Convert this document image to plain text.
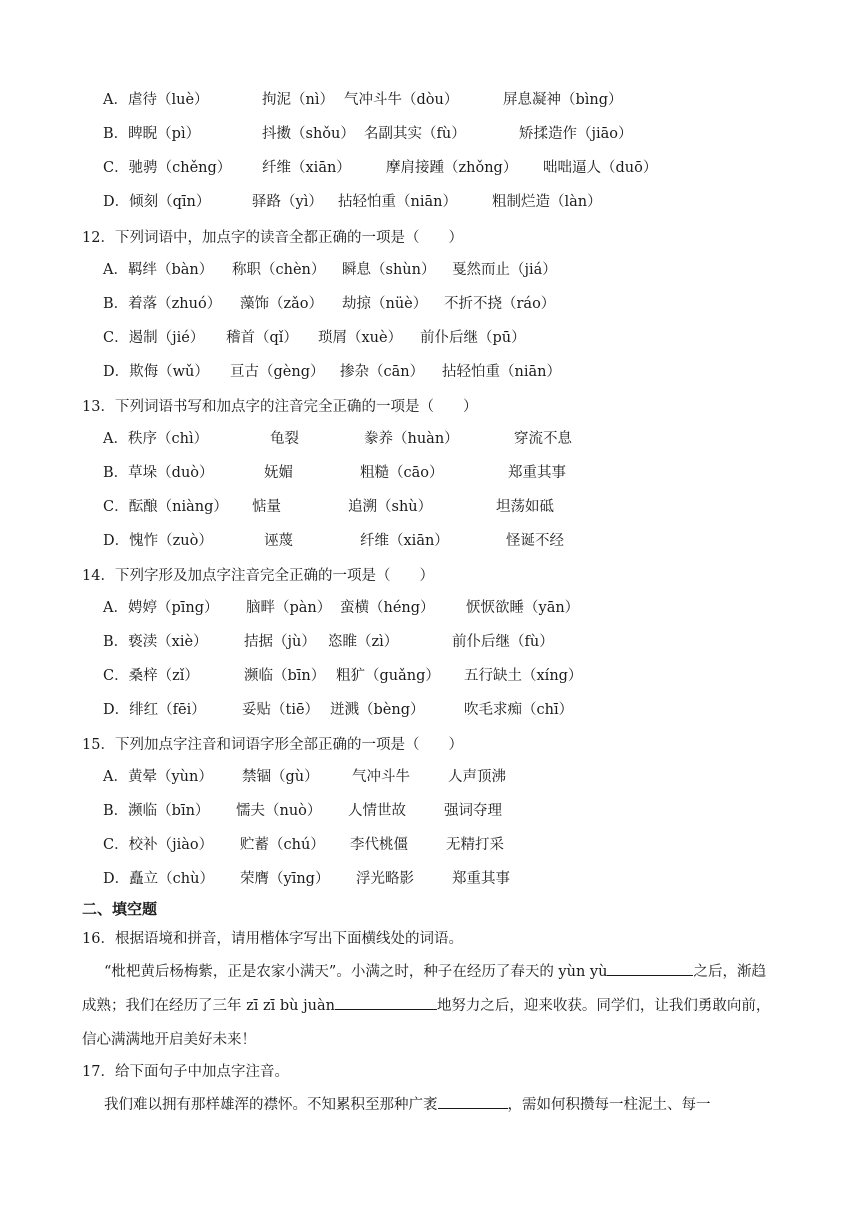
A．虐待（luè）	拘泥（nì） 气冲斗牛（dòu）	屏息凝神（bìng）
B．睥睨（pì）	抖擞（shǒu） 名副其实（fù）	矫揉造作（jiāo）
C．驰骋（chěng） 纤维（xiān） 摩肩接踵（zhǒng） 咄咄逼人（duō）
D．倾刻（qīn）	驿路（yì） 拈轻怕重（niān） 粗制烂造（làn）
12．下列词语中，加点字的读音全都正确的一项是（　　）
A．羁绊（bàn） 称职（chèn） 瞬息（shùn） 戛然而止（jiá）
B．着落（zhuó） 藻饰（zǎo） 劫掠（nüè） 不折不挠（ráo）
C．遏制（jié） 稽首（qǐ） 琐屑（xuè） 前仆后继（pū）
D．欺侮（wǔ） 亘古（gèng） 掺杂（cān） 拈轻怕重（niān）
13．下列词语书写和加点字的注音完全正确的一项是（　　）
A．秩序（chì）	龟裂	豢养（huàn）	穿流不息
B．草垛（duò）	妩媚	粗糙（cāo）	郑重其事
C．酝酿（niàng） 惦量	追溯（shù）	坦荡如砥
D．愧怍（zuò）	诬蔑	纤维（xiān）	怪诞不经
14．下列字形及加点字注音完全正确的一项是（　　）
A．娉婷（pīng） 脑畔（pàn） 蛮横（héng） 恹恹欲睡（yān）
B．亵渎（xiè）	拮据（jù） 恣睢（zì）	前仆后继（fù）
C．桑梓（zǐ）	濒临（bīn） 粗犷（guǎng） 五行缺土（xíng）
D．绯红（fēi）	妥贴（tiē） 迸溅（bèng）	吹毛求痴（chī）
15．下列加点字注音和词语字形全部正确的一项是（　　）
A．黄晕（yùn） 禁锢（gù） 气冲斗牛	人声顶沸
B．濒临（bīn） 懦夫（nuò） 人情世故	强词夺理
C．校补（jiào） 贮蓄（chú） 李代桃僵	无精打采
D．矗立（chù） 荣膺（yīng） 浮光略影	郑重其事
二、填空题
16．根据语境和拼音，请用楷体字写出下面横线处的词语。
“枇杷黄后杨梅紫，正是农家小满天”。小满之时，种子在经历了春天的 yùn yù	之后，渐趋成熟；我们在经历了三年 zī zī bù juàn	地努力之后，迎来收获。同学们，让我们勇敢向前，信心满满地开启美好未来！
17．给下面句子中加点字注音。
我们难以拥有那样雄浑的襟怀。不知累积至那种广袤	，需如何积攒每一柱泥土、每一
